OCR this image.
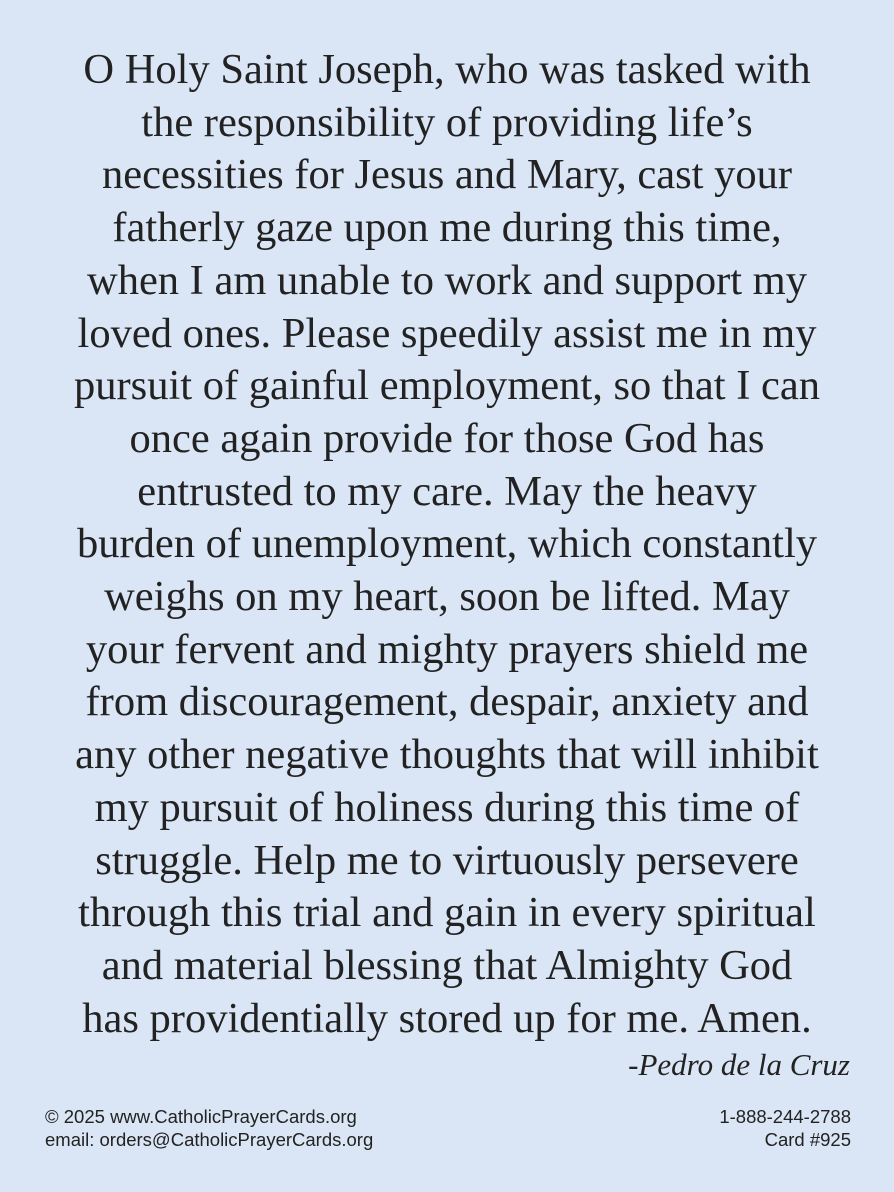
O Holy Saint Joseph, who was tasked with
the responsibility of providing life’s
necessities for Jesus and Mary, cast your
fatherly gaze upon me during this time,
when I am unable to work and support my
loved ones. Please speedily assist me in my
pursuit of gainful employment, so that I can
once again provide for those God has
entrusted to my care. May the heavy
burden of unemployment, which constantly
weighs on my heart, soon be lifted. May
your fervent and mighty prayers shield me
from discouragement, despair, anxiety and
any other negative thoughts that will inhibit
my pursuit of holiness during this time of
struggle. Help me to virtuously persevere
through this trial and gain in every spiritual
and material blessing that Almighty God
has providentially stored up for me. Amen.
-Pedro de la Cruz
© 2025 www.CatholicPrayerCards.org
email: orders@CatholicPrayerCards.org
1-888-244-2788
Card #925
